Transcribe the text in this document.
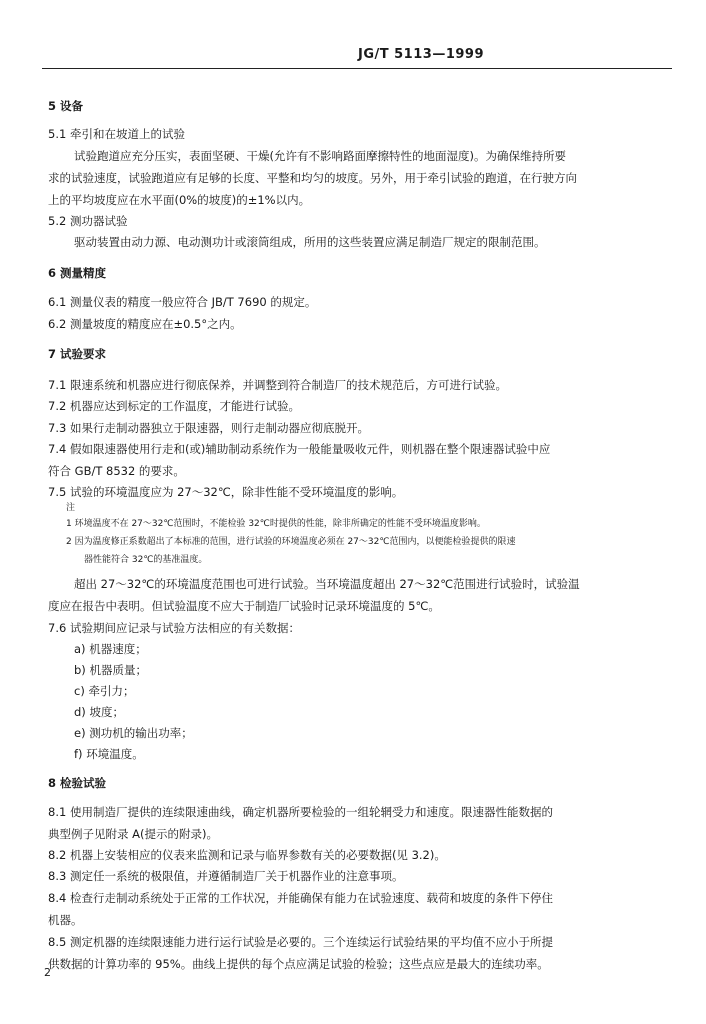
JG/T 5113—1999
5 设备
5.1 牵引和在坡道上的试验
试验跑道应充分压实，表面坚硬、干燥(允许有不影响路面摩擦特性的地面湿度)。为确保维持所要
求的试验速度，试验跑道应有足够的长度、平整和均匀的坡度。另外，用于牵引试验的跑道，在行驶方向
上的平均坡度应在水平面(0%的坡度)的±1%以内。
5.2 测功器试验
驱动装置由动力源、电动测功计或滚筒组成，所用的这些装置应满足制造厂规定的限制范围。
6 测量精度
6.1 测量仪表的精度一般应符合 JB/T 7690 的规定。
6.2 测量坡度的精度应在±0.5°之内。
7 试验要求
7.1 限速系统和机器应进行彻底保养，并调整到符合制造厂的技术规范后，方可进行试验。
7.2 机器应达到标定的工作温度，才能进行试验。
7.3 如果行走制动器独立于限速器，则行走制动器应彻底脱开。
7.4 假如限速器使用行走和(或)辅助制动系统作为一般能量吸收元件，则机器在整个限速器试验中应
符合 GB/T 8532 的要求。
7.5 试验的环境温度应为 27～32℃，除非性能不受环境温度的影响。
注
1 环境温度不在 27～32℃范围时，不能检验 32℃时提供的性能，除非所确定的性能不受环境温度影响。
2 因为温度修正系数超出了本标准的范围，进行试验的环境温度必须在 27～32℃范围内，以便能检验提供的限速
器性能符合 32℃的基准温度。
超出 27～32℃的环境温度范围也可进行试验。当环境温度超出 27～32℃范围进行试验时，试验温
度应在报告中表明。但试验温度不应大于制造厂试验时记录环境温度的 5℃。
7.6 试验期间应记录与试验方法相应的有关数据：
a) 机器速度；
b) 机器质量；
c) 牵引力；
d) 坡度；
e) 测功机的输出功率；
f) 环境温度。
8 检验试验
8.1 使用制造厂提供的连续限速曲线，确定机器所要检验的一组轮辋受力和速度。限速器性能数据的
典型例子见附录 A(提示的附录)。
8.2 机器上安装相应的仪表来监测和记录与临界参数有关的必要数据(见 3.2)。
8.3 测定任一系统的极限值，并遵循制造厂关于机器作业的注意事项。
8.4 检查行走制动系统处于正常的工作状况，并能确保有能力在试验速度、载荷和坡度的条件下停住
机器。
8.5 测定机器的连续限速能力进行运行试验是必要的。三个连续运行试验结果的平均值不应小于所提
供数据的计算功率的 95%。曲线上提供的每个点应满足试验的检验；这些点应是最大的连续功率。
2
